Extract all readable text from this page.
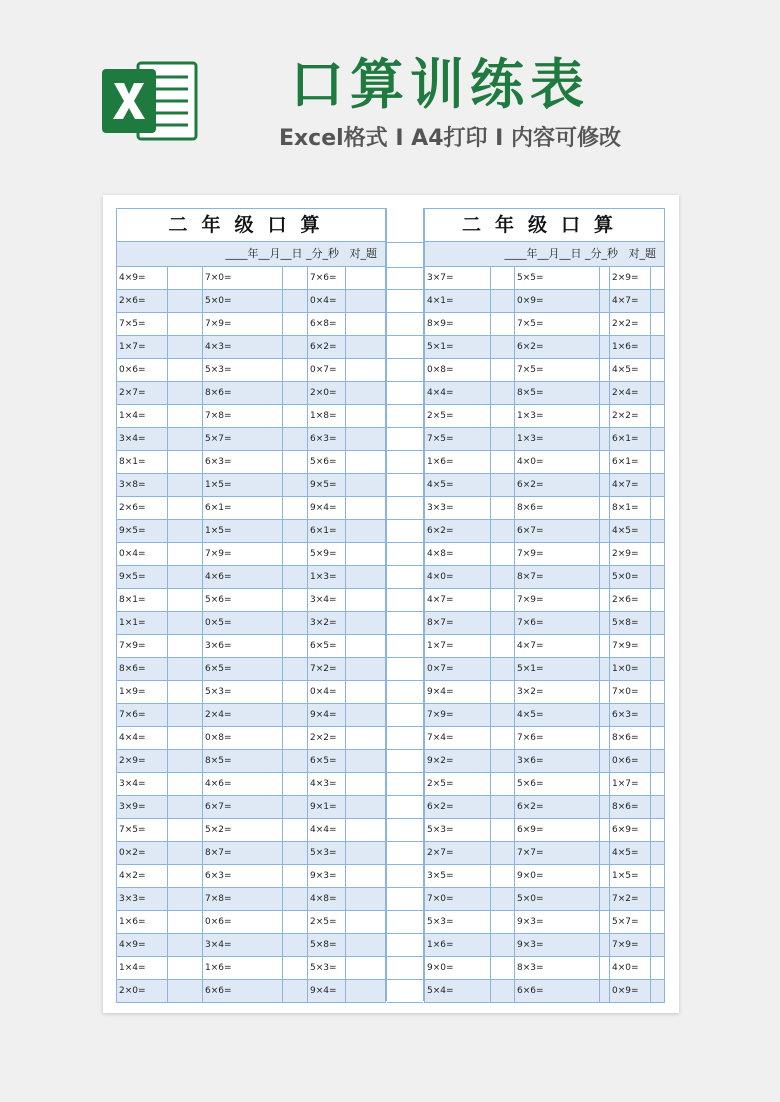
口算训练表
Excel格式 I A4打印 I 内容可修改
二年级口算
____年__月__日 _分_秒   对_题
4×9=	7×0=	7×6=
2×6=	5×0=	0×4=
7×5=	7×9=	6×8=
1×7=	4×3=	6×2=
0×6=	5×3=	0×7=
2×7=	8×6=	2×0=
1×4=	7×8=	1×8=
3×4=	5×7=	6×3=
8×1=	6×3=	5×6=
3×8=	1×5=	9×5=
2×6=	6×1=	9×4=
9×5=	1×5=	6×1=
0×4=	7×9=	5×9=
9×5=	4×6=	1×3=
8×1=	5×6=	3×4=
1×1=	0×5=	3×2=
7×9=	3×6=	6×5=
8×6=	6×5=	7×2=
1×9=	5×3=	0×4=
7×6=	2×4=	9×4=
4×4=	0×8=	2×2=
2×9=	8×5=	6×5=
3×4=	4×6=	4×3=
3×9=	6×7=	9×1=
7×5=	5×2=	4×4=
0×2=	8×7=	5×3=
4×2=	6×3=	9×3=
3×3=	7×8=	4×8=
1×6=	0×6=	2×5=
4×9=	3×4=	5×8=
1×4=	1×6=	5×3=
2×0=	6×6=	9×4=
二年级口算
____年__月__日 _分_秒   对_题
3×7=	5×5=	2×9=
4×1=	0×9=	4×7=
8×9=	7×5=	2×2=
5×1=	6×2=	1×6=
0×8=	7×5=	4×5=
4×4=	8×5=	2×4=
2×5=	1×3=	2×2=
7×5=	1×3=	6×1=
1×6=	4×0=	6×1=
4×5=	6×2=	4×7=
3×3=	8×6=	8×1=
6×2=	6×7=	4×5=
4×8=	7×9=	2×9=
4×0=	8×7=	5×0=
4×7=	7×9=	2×6=
8×7=	7×6=	5×8=
1×7=	4×7=	7×9=
0×7=	5×1=	1×0=
9×4=	3×2=	7×0=
7×9=	4×5=	6×3=
7×4=	7×6=	8×6=
9×2=	3×6=	0×6=
2×5=	5×6=	1×7=
6×2=	6×2=	8×6=
5×3=	6×9=	6×9=
2×7=	7×7=	4×5=
3×5=	9×0=	1×5=
7×0=	5×0=	7×2=
5×3=	9×3=	5×7=
1×6=	9×3=	7×9=
9×0=	8×3=	4×0=
5×4=	6×6=	0×9=
